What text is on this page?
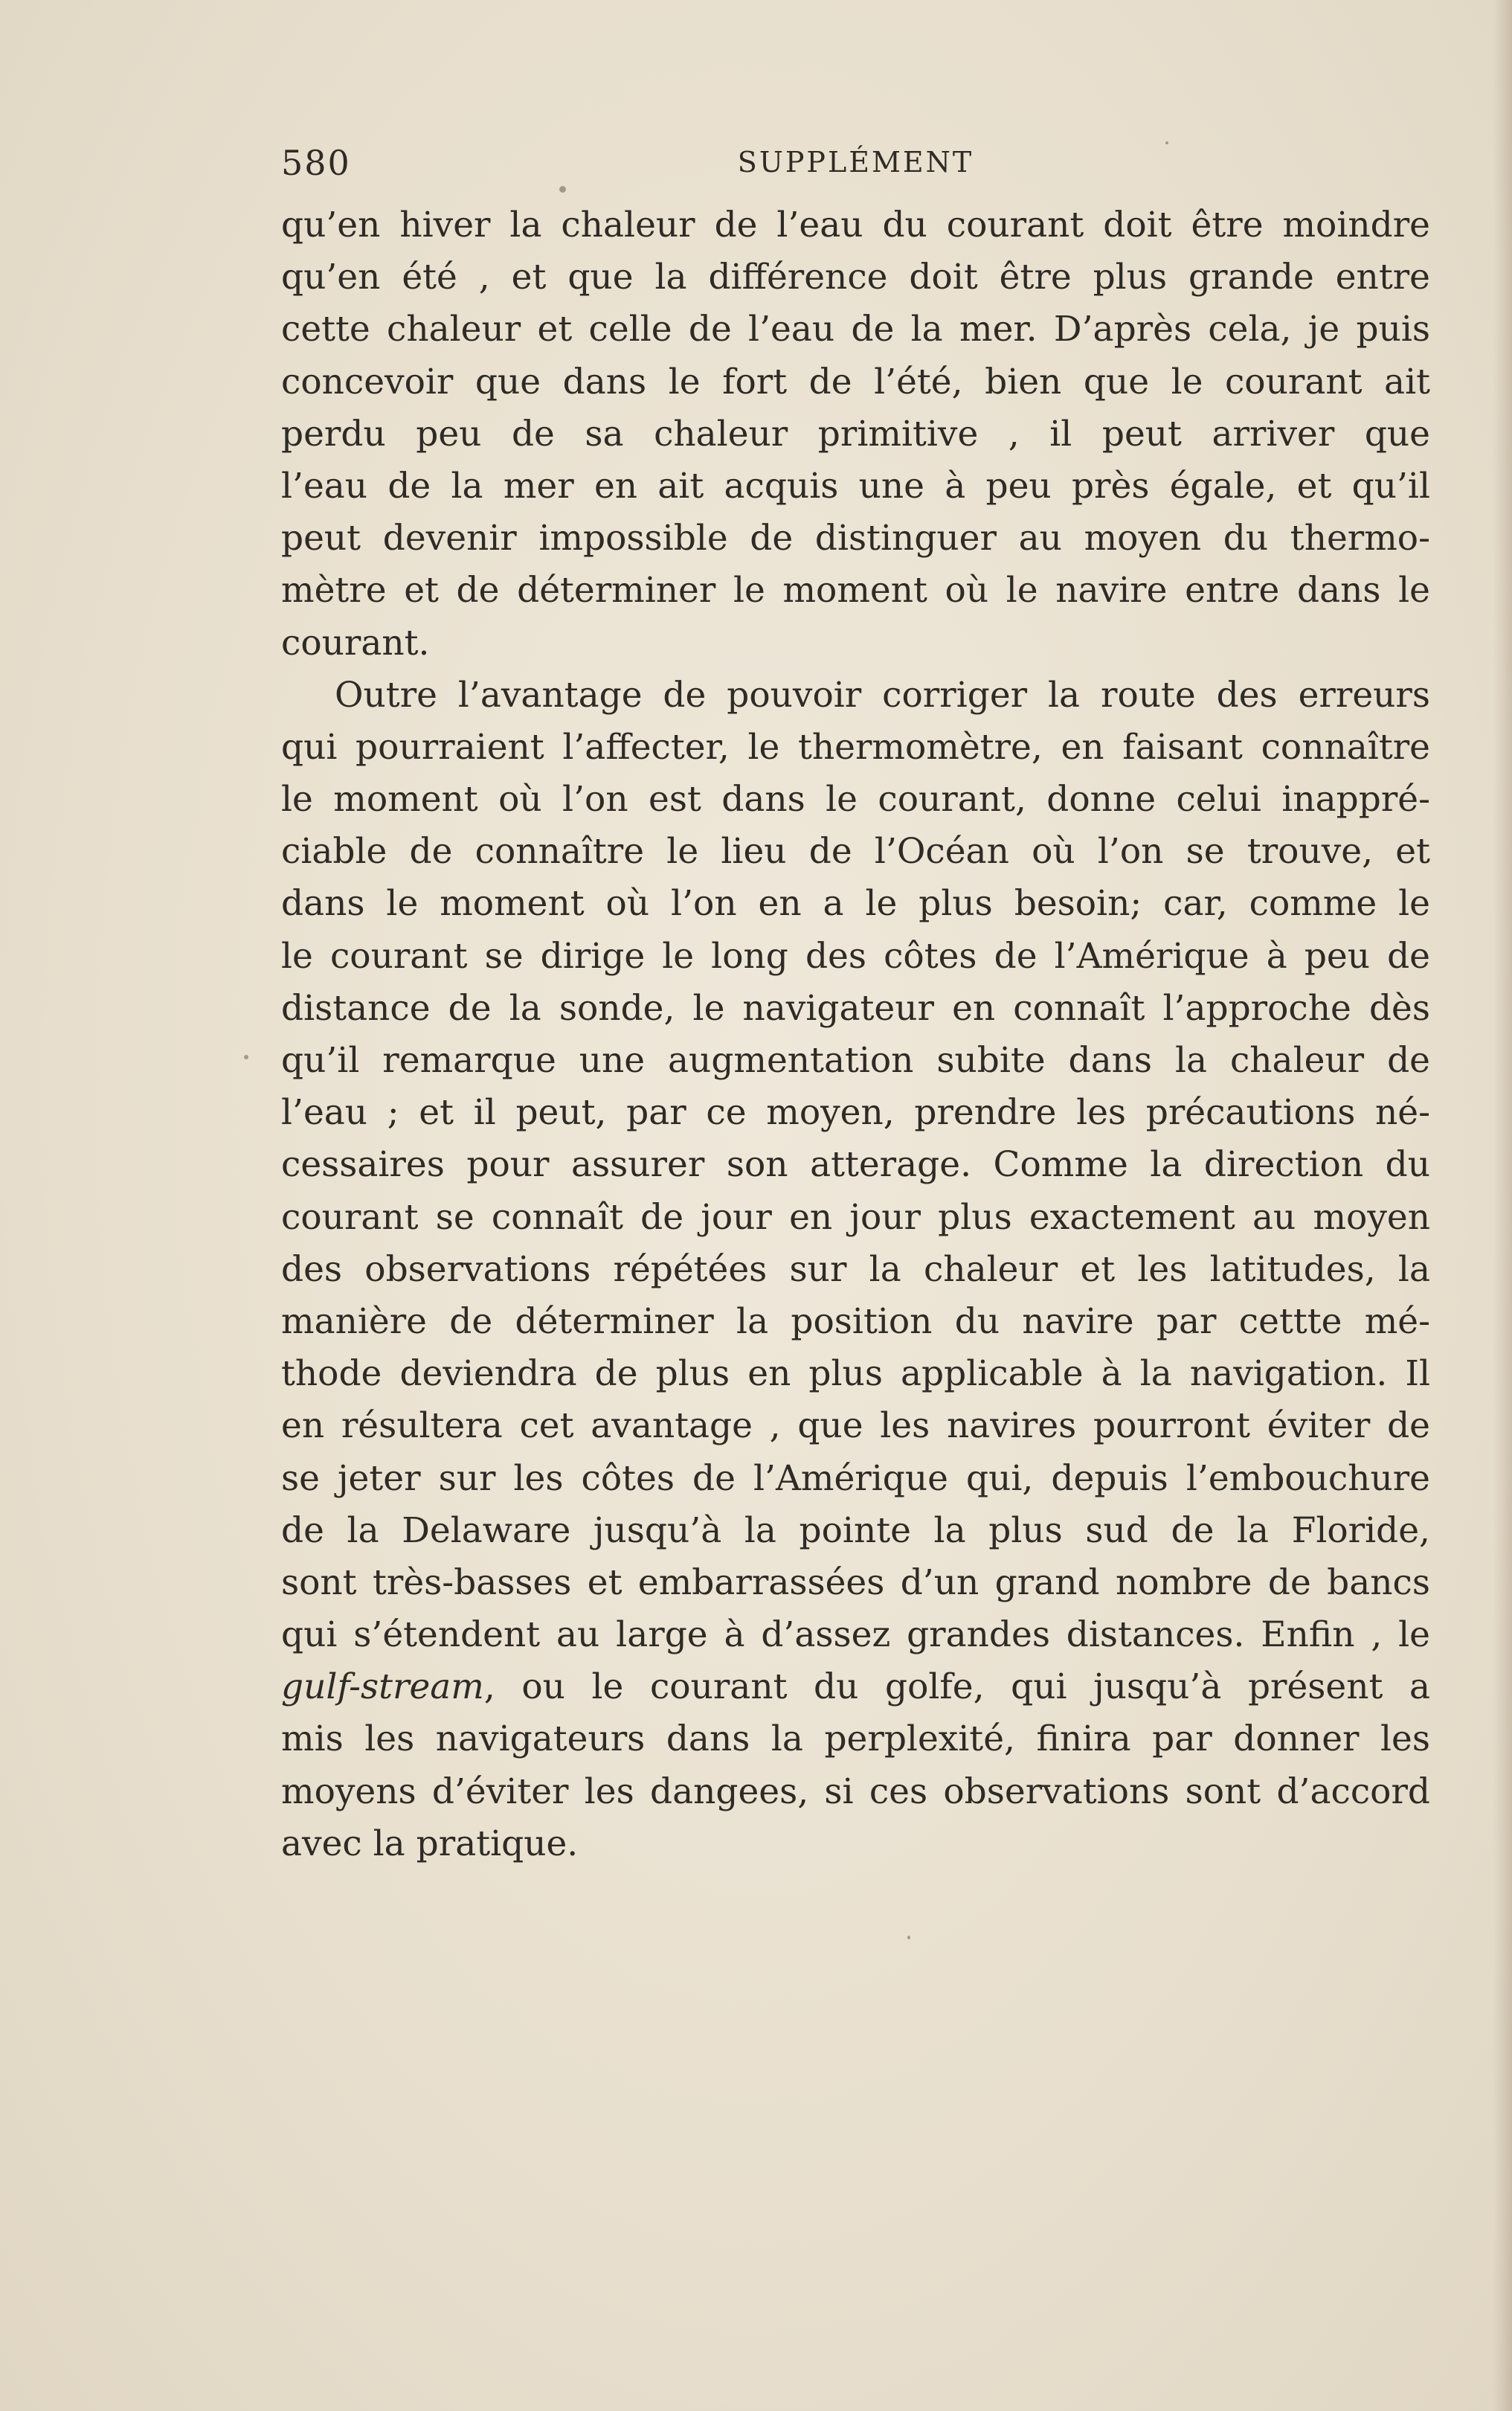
580	SUPPLÉMENT
qu’en hiver la chaleur de l’eau du courant doit être moindre
qu’en été , et que la différence doit être plus grande entre
cette chaleur et celle de l’eau de la mer. D’après cela, je puis
concevoir que dans le fort de l’été, bien que le courant ait
perdu peu de sa chaleur primitive , il peut arriver que
l’eau de la mer en ait acquis une à peu près égale, et qu’il
peut devenir impossible de distinguer au moyen du thermo-
mètre et de déterminer le moment où le navire entre dans le
courant.
Outre l’avantage de pouvoir corriger la route des erreurs
qui pourraient l’affecter, le thermomètre, en faisant connaître
le moment où l’on est dans le courant, donne celui inappré-
ciable de connaître le lieu de l’Océan où l’on se trouve, et
dans le moment où l’on en a le plus besoin; car, comme le
le courant se dirige le long des côtes de l’Amérique à peu de
distance de la sonde, le navigateur en connaît l’approche dès
qu’il remarque une augmentation subite dans la chaleur de
l’eau ; et il peut, par ce moyen, prendre les précautions né-
cessaires pour assurer son atterage. Comme la direction du
courant se connaît de jour en jour plus exactement au moyen
des observations répétées sur la chaleur et les latitudes, la
manière de déterminer la position du navire par cettte mé-
thode deviendra de plus en plus applicable à la navigation. Il
en résultera cet avantage , que les navires pourront éviter de
se jeter sur les côtes de l’Amérique qui, depuis l’embouchure
de la Delaware jusqu’à la pointe la plus sud de la Floride,
sont très-basses et embarrassées d’un grand nombre de bancs
qui s’étendent au large à d’assez grandes distances. Enfin , le
gulf-stream, ou le courant du golfe, qui jusqu’à présent a
mis les navigateurs dans la perplexité, finira par donner les
moyens d’éviter les dangees, si ces observations sont d’accord
avec la pratique.
